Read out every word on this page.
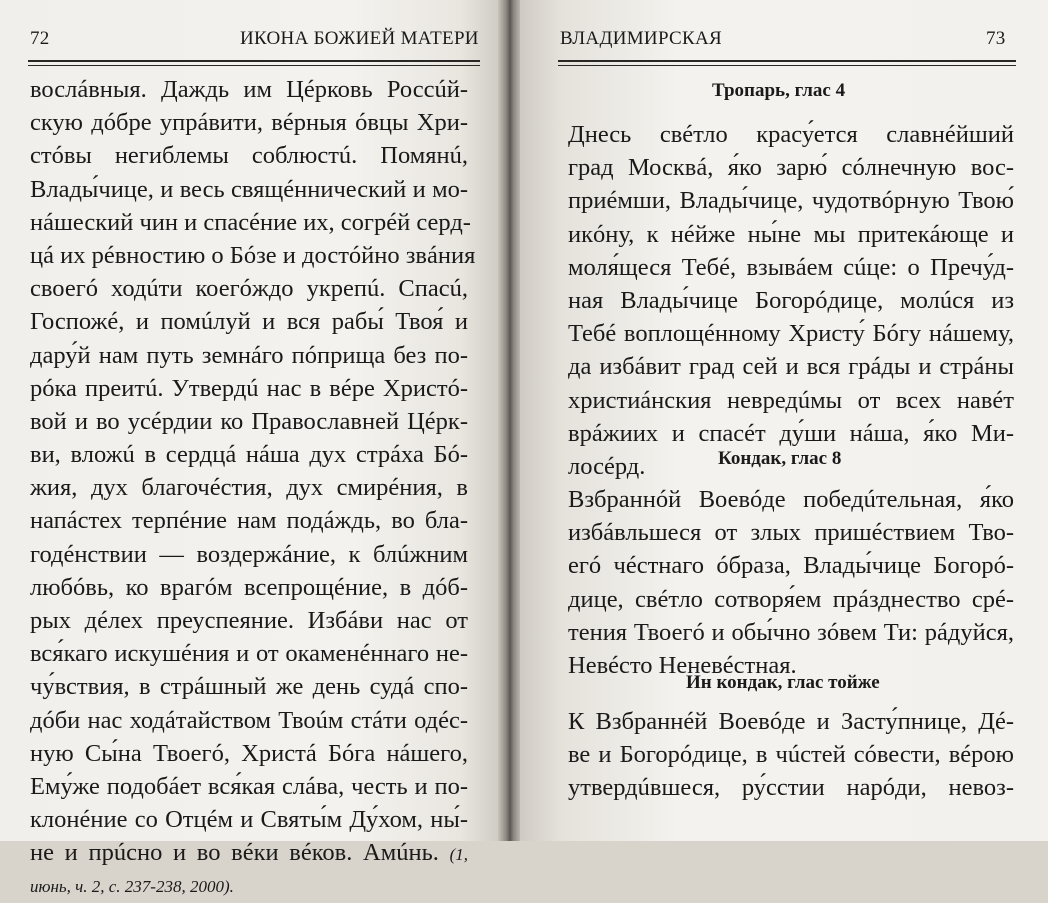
72	ИКОНА БОЖИЕЙ МАТЕРИ
вослáвныя. Даждь им Цéрковь Россúй-
скую дóбре упрáвити, вéрныя óвцы Хри-
стóвы негиблемы соблюстú. Помянú,
Влады́чице, и весь свящéннический и мо-
нáшеский чин и спасéние их, согрéй серд-
цá их рéвностию о Бóзе и достóйно звáния
своегó ходúти коегóждо укрепú. Спасú,
Госпожé, и помúлуй и вся рабы́ Твоя́ и
дару́й нам путь земнáго пóприща без по-
рóка преитú. Утвердú нас в вéре Христó-
вой и во усéрдии ко Православней Цéрк-
ви, вложú в сердцá нáша дух стрáха Бó-
жия, дух благочéстия, дух смирéния, в
напáстех терпéние нам подáждь, во бла-
годéнствии — воздержáние, к блúжним
любóвь, ко врагóм всепрощéние, в дóб-
рых дéлех преуспеяние. Избáви нас от
вся́каго искушéния и от окаменéннаго не-
чу́вствия, в стрáшный же день судá спо-
дóби нас ходáтайством Твоúм стáти одéс-
ную Сы́на Твоегó, Христá Бóга нáшего,
Ему́же подобáет вся́кая слáва, честь и по-
клонéние со Отцéм и Святы́м Ду́хом, ны́-
не и прúсно и во вéки вéков. Амúнь. (1,
июнь, ч. 2, с. 237-238, 2000).
ВЛАДИМИРСКАЯ	73
Тропарь, глас 4
Днесь свéтло красу́ется славнéйший
град Москвá, я́ко зарю́ сóлнечную вос-
приéмши, Влады́чице, чудотвóрную Твою́
икóну, к нéйже ны́не мы притекáюще и
моля́щеся Тебé, взывáем сúце: о Пречу́д-
ная Влады́чице Богорóдице, молúся из
Тебé воплощéнному Христу́ Бóгу нáшему,
да избáвит град сей и вся грáды и стрáны
христиáнския невредúмы от всех навéт
врáжиих и спасéт ду́ши нáша, я́ко Ми-
лосéрд.	Кондак, глас 8
Взбраннóй Воевóде победúтельная, я́ко
избáвльшеся от злых пришéствием Тво-
егó чéстнаго óбраза, Влады́чице Богорó-
дице, свéтло сотворя́ем прáзднество срé-
тения Твоегó и обы́чно зóвем Ти: рáдуйся,
Невéсто Неневéстная.
Ин кондак, глас тойже
К Взбраннéй Воевóде и Засту́пнице, Дé-
ве и Богорóдице, в чúстей сóвести, вéрою
утвердúвшеся, ру́сстии нарóди, невоз-
